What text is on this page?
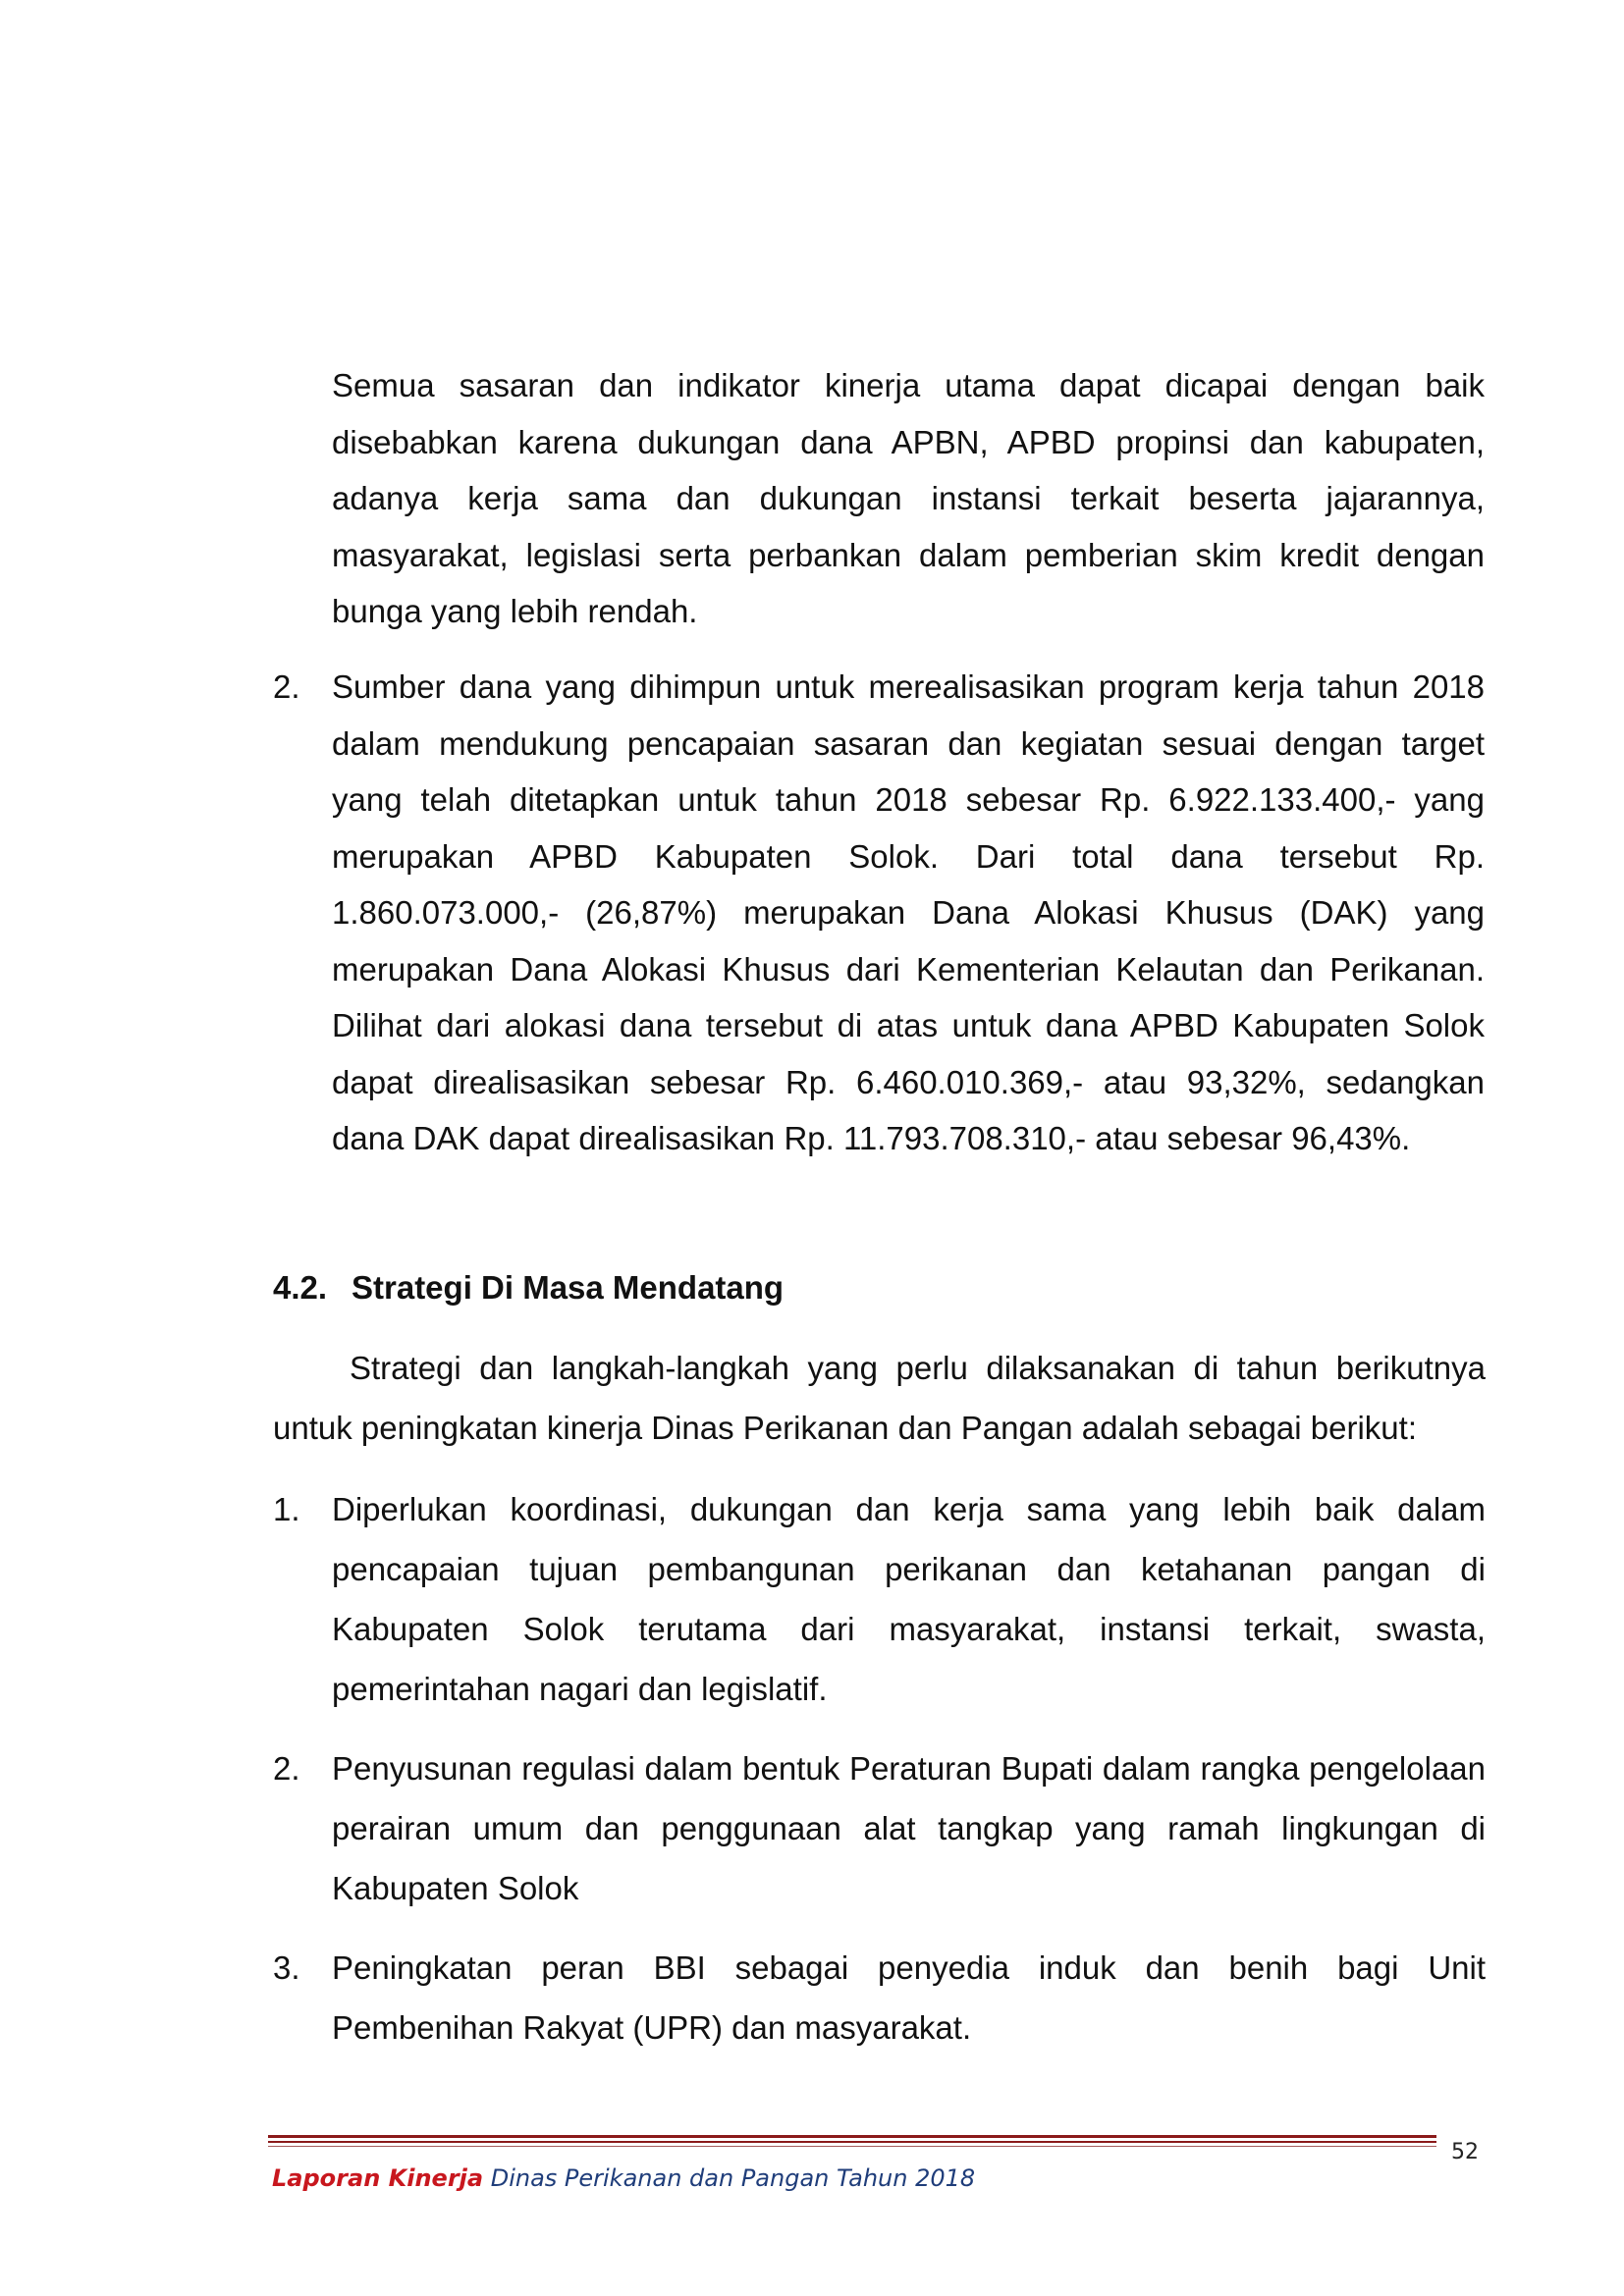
Semua sasaran dan indikator kinerja utama dapat dicapai dengan baik disebabkan karena dukungan dana APBN, APBD propinsi dan kabupaten, adanya kerja sama dan dukungan instansi terkait beserta jajarannya, masyarakat, legislasi serta perbankan dalam pemberian skim kredit dengan bunga yang lebih rendah.

2. Sumber dana yang dihimpun untuk merealisasikan program kerja tahun 2018 dalam mendukung pencapaian sasaran dan kegiatan sesuai dengan target yang telah ditetapkan untuk tahun 2018 sebesar Rp. 6.922.133.400,- yang merupakan APBD Kabupaten Solok. Dari total dana tersebut Rp. 1.860.073.000,- (26,87%) merupakan Dana Alokasi Khusus (DAK) yang merupakan Dana Alokasi Khusus dari Kementerian Kelautan dan Perikanan. Dilihat dari alokasi dana tersebut di atas untuk dana APBD Kabupaten Solok dapat direalisasikan sebesar Rp. 6.460.010.369,- atau 93,32%, sedangkan dana DAK dapat direalisasikan Rp. 11.793.708.310,- atau sebesar 96,43%.

4.2. Strategi Di Masa Mendatang

Strategi dan langkah-langkah yang perlu dilaksanakan di tahun berikutnya untuk peningkatan kinerja Dinas Perikanan dan Pangan adalah sebagai berikut:

1. Diperlukan koordinasi, dukungan dan kerja sama yang lebih baik dalam pencapaian tujuan pembangunan perikanan dan ketahanan pangan di Kabupaten Solok terutama dari masyarakat, instansi terkait, swasta, pemerintahan nagari dan legislatif.

2. Penyusunan regulasi dalam bentuk Peraturan Bupati dalam rangka pengelolaan perairan umum dan penggunaan alat tangkap yang ramah lingkungan di Kabupaten Solok

3. Peningkatan peran BBI sebagai penyedia induk dan benih bagi Unit Pembenihan Rakyat (UPR) dan masyarakat.

Laporan Kinerja Dinas Perikanan dan Pangan Tahun 2018
52
